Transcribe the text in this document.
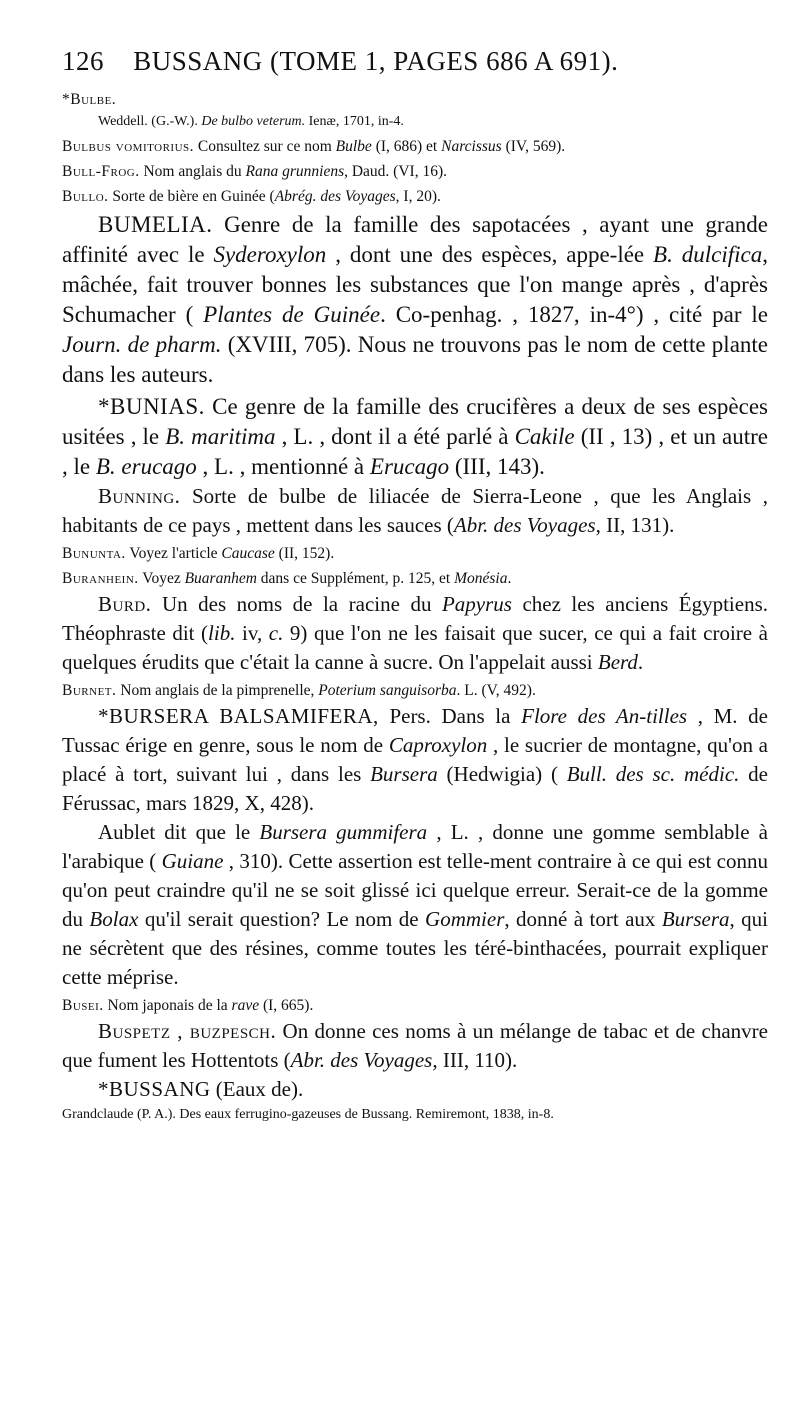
126 BUSSANG (TOME 1, PAGES 686 A 691).

*Bulbe.

Weddell. (G.-W.). De bulbo veterum. Ienæ, 1701, in-4.

Bulbus vomitorius. Consultez sur ce nom Bulbe (I, 686) et Narcissus (IV, 569).

Bull-Frog. Nom anglais du Rana grunniens, Daud. (VI, 16).

Bullo. Sorte de bière en Guinée (Abrég. des Voyages, I, 20).

BUMELIA. Genre de la famille des sapotacées , ayant une grande affinité avec le Syderoxylon , dont une des espèces, appe-lée B. dulcifica, mâchée, fait trouver bonnes les substances que l'on mange après , d'après Schumacher ( Plantes de Guinée. Co-penhag. , 1827, in-4°) , cité par le Journ. de pharm. (XVIII, 705). Nous ne trouvons pas le nom de cette plante dans les auteurs.

*BUNIAS. Ce genre de la famille des crucifères a deux de ses espèces usitées , le B. maritima , L. , dont il a été parlé à Cakile (II , 13) , et un autre , le B. erucago , L. , mentionné à Erucago (III, 143).

Bunning. Sorte de bulbe de liliacée de Sierra-Leone , que les Anglais , habitants de ce pays , mettent dans les sauces (Abr. des Voyages, II, 131).

Bununta. Voyez l'article Caucase (II, 152).

Buranhein. Voyez Buaranhem dans ce Supplément, p. 125, et Monésia.

Burd. Un des noms de la racine du Papyrus chez les anciens Égyptiens. Théophraste dit (lib. iv, c. 9) que l'on ne les faisait que sucer, ce qui a fait croire à quelques érudits que c'était la canne à sucre. On l'appelait aussi Berd.

Burnet. Nom anglais de la pimprenelle, Poterium sanguisorba. L. (V, 492).

*BURSERA BALSAMIFERA, Pers. Dans la Flore des An-tilles , M. de Tussac érige en genre, sous le nom de Caproxylon , le sucrier de montagne, qu'on a placé à tort, suivant lui , dans les Bursera (Hedwigia) ( Bull. des sc. médic. de Férussac, mars 1829, X, 428).

Aublet dit que le Bursera gummifera , L. , donne une gomme semblable à l'arabique ( Guiane , 310). Cette assertion est telle-ment contraire à ce qui est connu qu'on peut craindre qu'il ne se soit glissé ici quelque erreur. Serait-ce de la gomme du Bolax qu'il serait question? Le nom de Gommier, donné à tort aux Bursera, qui ne sécrètent que des résines, comme toutes les téré-binthacées, pourrait expliquer cette méprise.

Busei. Nom japonais de la rave (I, 665).

Buspetz , buzpesch. On donne ces noms à un mélange de tabac et de chanvre que fument les Hottentots (Abr. des Voyages, III, 110).

*BUSSANG (Eaux de).

Grandclaude (P. A.). Des eaux ferrugino-gazeuses de Bussang. Remiremont, 1838, in-8.
